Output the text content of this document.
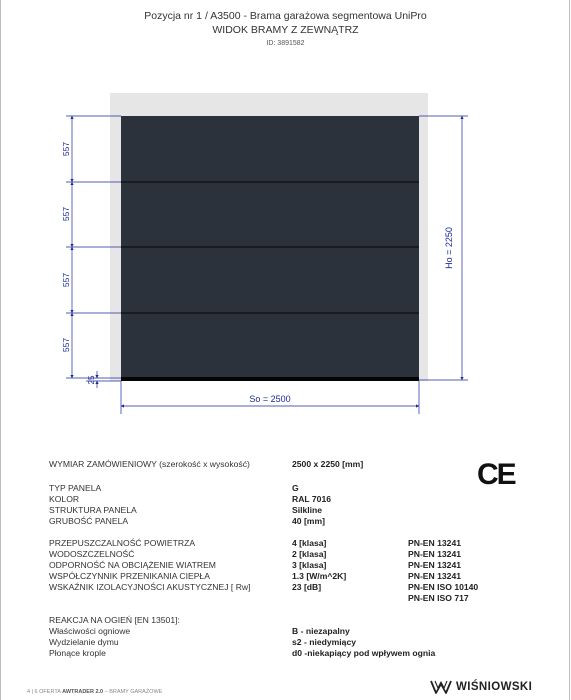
Pozycja nr 1 / A3500 - Brama garażowa segmentowa UniPro
WIDOK BRAMY Z ZEWNĄTRZ
ID: 3891582
557
557
557
557
25
Ho = 2250
So = 2500
WYMIAR ZAMÓWIENIOWY (szerokość x wysokość)	2500 x 2250 [mm]
TYP PANELA	G
KOLOR	RAL 7016
STRUKTURA PANELA	Silkline
GRUBOŚĆ PANELA	40 [mm]
PRZEPUSZCZALNOŚĆ POWIETRZA	4 [klasa]	PN-EN 13241
WODOSZCZELNOŚĆ	2 [klasa]	PN-EN 13241
ODPORNOŚĆ NA OBCIĄŻENIE WIATREM	3 [klasa]	PN-EN 13241
WSPÓŁCZYNNIK PRZENIKANIA CIEPŁA	1.3 [W/m^2K]	PN-EN 13241
WSKAŹNIK IZOLACYJNOŚCI AKUSTYCZNEJ [ Rw]	23 [dB]	PN-EN ISO 10140
PN-EN ISO 717
REAKCJA NA OGIEŃ [EN 13501]:
Właściwości ogniowe	B - niezapalny
Wydzielanie dymu	s2 - niedymiący
Płonące krople	d0 -niekapiący pod wpływem ognia
CE
4 | 6 OFERTA AWTRADER 2.0 – BRAMY GARAŻOWE	WIŚNIOWSKI
